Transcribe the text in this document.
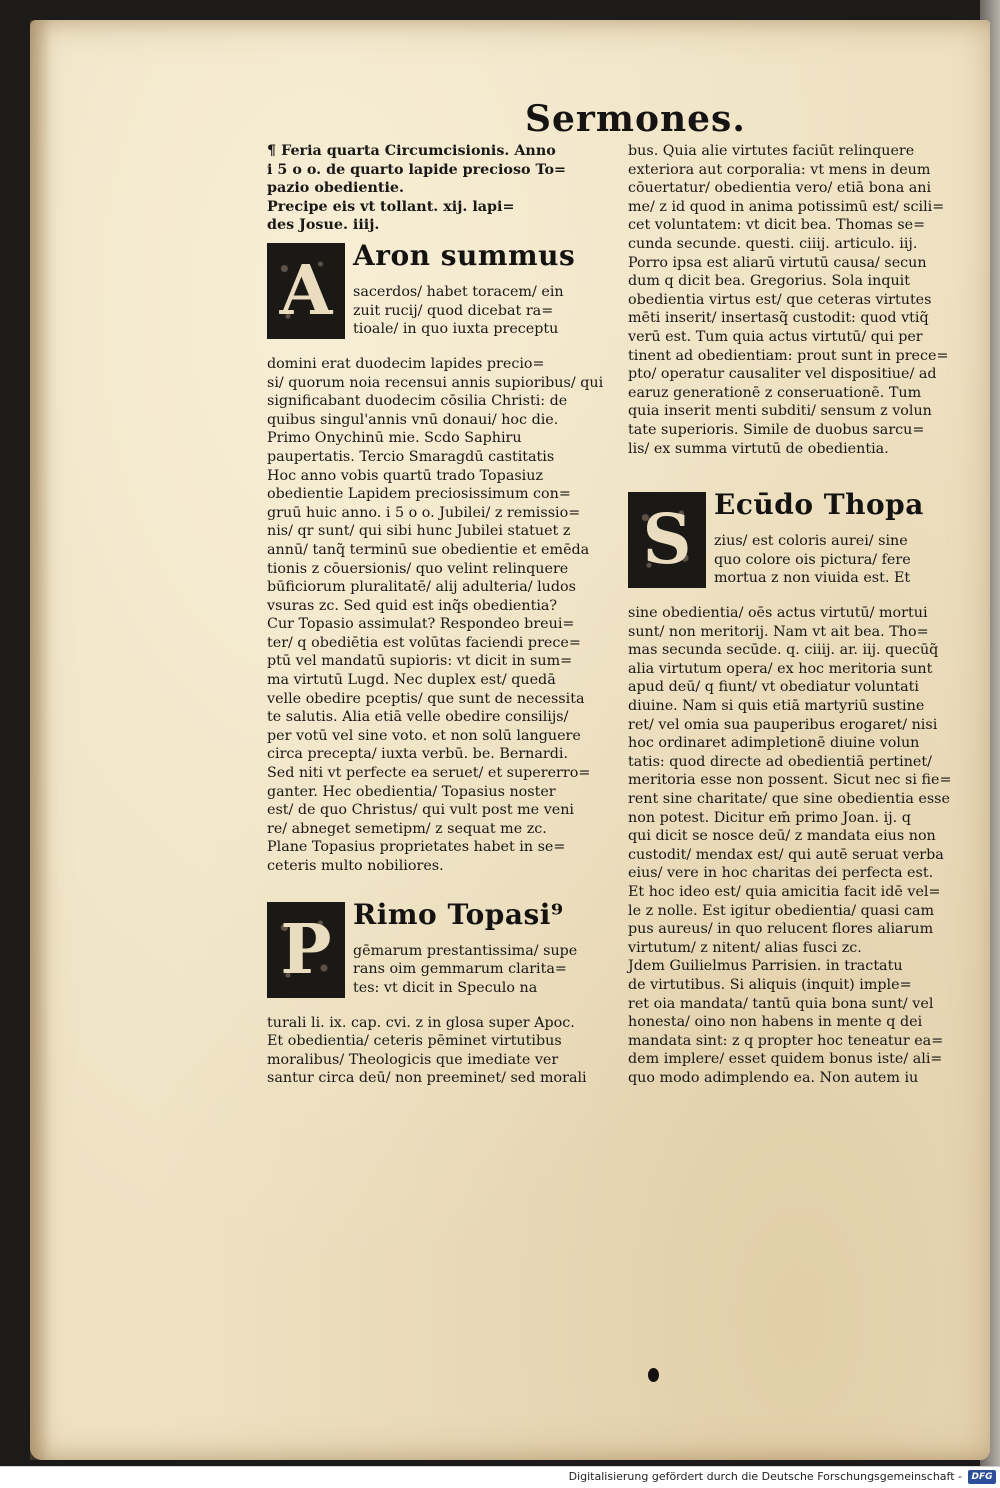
Sermones.
¶ Feria quarta Circumcisionis. Anno
i 5 o o. de quarto lapide precioso To=
pazio obedientie.
Precipe eis vt tollant. xij. lapi=
des Josue. iiij.
A Aron summus
sacerdos/ habet toracem/ ein
zuit rucij/ quod dicebat ra=
tioale/ in quo iuxta preceptu
domini erat duodecim lapides precio=
si/ quorum noia recensui annis supioribus/ qui
significabant duodecim cōsilia Christi: de
quibus singul'annis vnū donaui/ hoc die.
Primo Onychinū mie. Scdo Saphiru
paupertatis. Tercio Smaragdū castitatis
Hoc anno vobis quartū trado Topasiuz
obedientie Lapidem preciosissimum con=
gruū huic anno. i 5 o o. Jubilei/ z remissio=
nis/ qr sunt/ qui sibi hunc Jubilei statuet z
annū/ tanq̃ terminū sue obedientie et emēda
tionis z cōuersionis/ quo velint relinquere
būficiorum pluralitatē/ alij adulteria/ ludos
vsuras zc. Sed quid est inq̃s obedientia?
Cur Topasio assimulat? Respondeo breui=
ter/ q obediētia est volūtas faciendi prece=
ptū vel mandatū supioris: vt dicit in sum=
ma virtutū Lugd. Nec duplex est/ quedā
velle obedire pceptis/ que sunt de necessita
te salutis. Alia etiā velle obedire consilijs/
per votū vel sine voto. et non solū languere
circa precepta/ iuxta verbū. be. Bernardi.
Sed niti vt perfecte ea seruet/ et supererro=
ganter. Hec obedientia/ Topasius noster
est/ de quo Christus/ qui vult post me veni
re/ abneget semetipm/ z sequat me zc.
Plane Topasius proprietates habet in se=
ceteris multo nobiliores.
P Rimo Topasi⁹
gēmarum prestantissima/ supe
rans oim gemmarum clarita=
tes: vt dicit in Speculo na
turali li. ix. cap. cvi. z in glosa super Apoc.
Et obedientia/ ceteris pēminet virtutibus
moralibus/ Theologicis que imediate ver
santur circa deū/ non preeminet/ sed morali
bus. Quia alie virtutes faciūt relinquere
exteriora aut corporalia: vt mens in deum
cōuertatur/ obedientia vero/ etiā bona ani
me/ z id quod in anima potissimū est/ scili=
cet voluntatem: vt dicit bea. Thomas se=
cunda secunde. questi. ciiij. articulo. iij.
Porro ipsa est aliarū virtutū causa/ secun
dum q dicit bea. Gregorius. Sola inquit
obedientia virtus est/ que ceteras virtutes
mēti inserit/ insertasq̃ custodit: quod vtiq̃
verū est. Tum quia actus virtutū/ qui per
tinent ad obedientiam: prout sunt in prece=
pto/ operatur causaliter vel dispositiue/ ad
earuz generationē z conseruationē. Tum
quia inserit menti subditi/ sensum z volun
tate superioris. Simile de duobus sarcu=
lis/ ex summa virtutū de obedientia.
S Ecūdo Thopa
zius/ est coloris aurei/ sine
quo colore ois pictura/ fere
mortua z non viuida est. Et
sine obedientia/ oēs actus virtutū/ mortui
sunt/ non meritorij. Nam vt ait bea. Tho=
mas secunda secūde. q. ciiij. ar. iij. quecūq̃
alia virtutum opera/ ex hoc meritoria sunt
apud deū/ q fiunt/ vt obediatur voluntati
diuine. Nam si quis etiā martyriū sustine
ret/ vel omia sua pauperibus erogaret/ nisi
hoc ordinaret adimpletionē diuine volun
tatis: quod directe ad obedientiā pertinet/
meritoria esse non possent. Sicut nec si fie=
rent sine charitate/ que sine obedientia esse
non potest. Dicitur em̄ primo Joan. ij. q
qui dicit se nosce deū/ z mandata eius non
custodit/ mendax est/ qui autē seruat verba
eius/ vere in hoc charitas dei perfecta est.
Et hoc ideo est/ quia amicitia facit idē vel=
le z nolle. Est igitur obedientia/ quasi cam
pus aureus/ in quo relucent flores aliarum
virtutum/ z nitent/ alias fusci zc.
Jdem Guilielmus Parrisien. in tractatu
de virtutibus. Si aliquis (inquit) imple=
ret oia mandata/ tantū quia bona sunt/ vel
honesta/ oino non habens in mente q dei
mandata sint: z q propter hoc teneatur ea=
dem implere/ esset quidem bonus iste/ ali=
quo modo adimplendo ea. Non autem iu
Digitalisierung gefördert durch die Deutsche Forschungsgemeinschaft -	DFG
